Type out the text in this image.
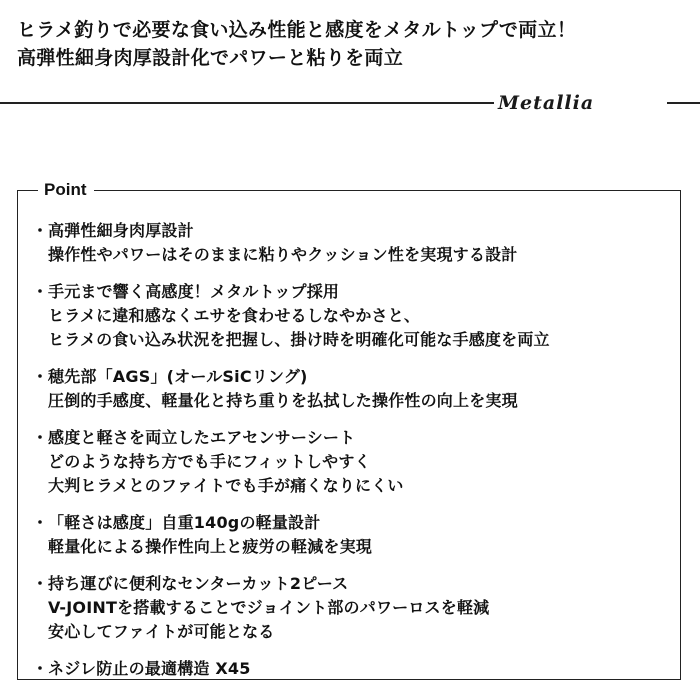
ヒラメ釣りで必要な食い込み性能と感度をメタルトップで両立！
高弾性細身肉厚設計化でパワーと粘りを両立
Metallia
Point
・ 高弾性細身肉厚設計
操作性やパワーはそのままに粘りやクッション性を実現する設計
・ 手元まで響く高感度！メタルトップ採用
ヒラメに違和感なくエサを食わせるしなやかさと、
ヒラメの食い込み状況を把握し、掛け時を明確化可能な手感度を両立
・ 穂先部「AGS」(オールSiCリング)
圧倒的手感度、軽量化と持ち重りを払拭した操作性の向上を実現
・ 感度と軽さを両立したエアセンサーシート
どのような持ち方でも手にフィットしやすく
大判ヒラメとのファイトでも手が痛くなりにくい
・ 「軽さは感度」自重140gの軽量設計
軽量化による操作性向上と疲労の軽減を実現
・ 持ち運びに便利なセンターカット2ピース
V-JOINTを搭載することでジョイント部のパワーロスを軽減
安心してファイトが可能となる
・ ネジレ防止の最適構造 X45
